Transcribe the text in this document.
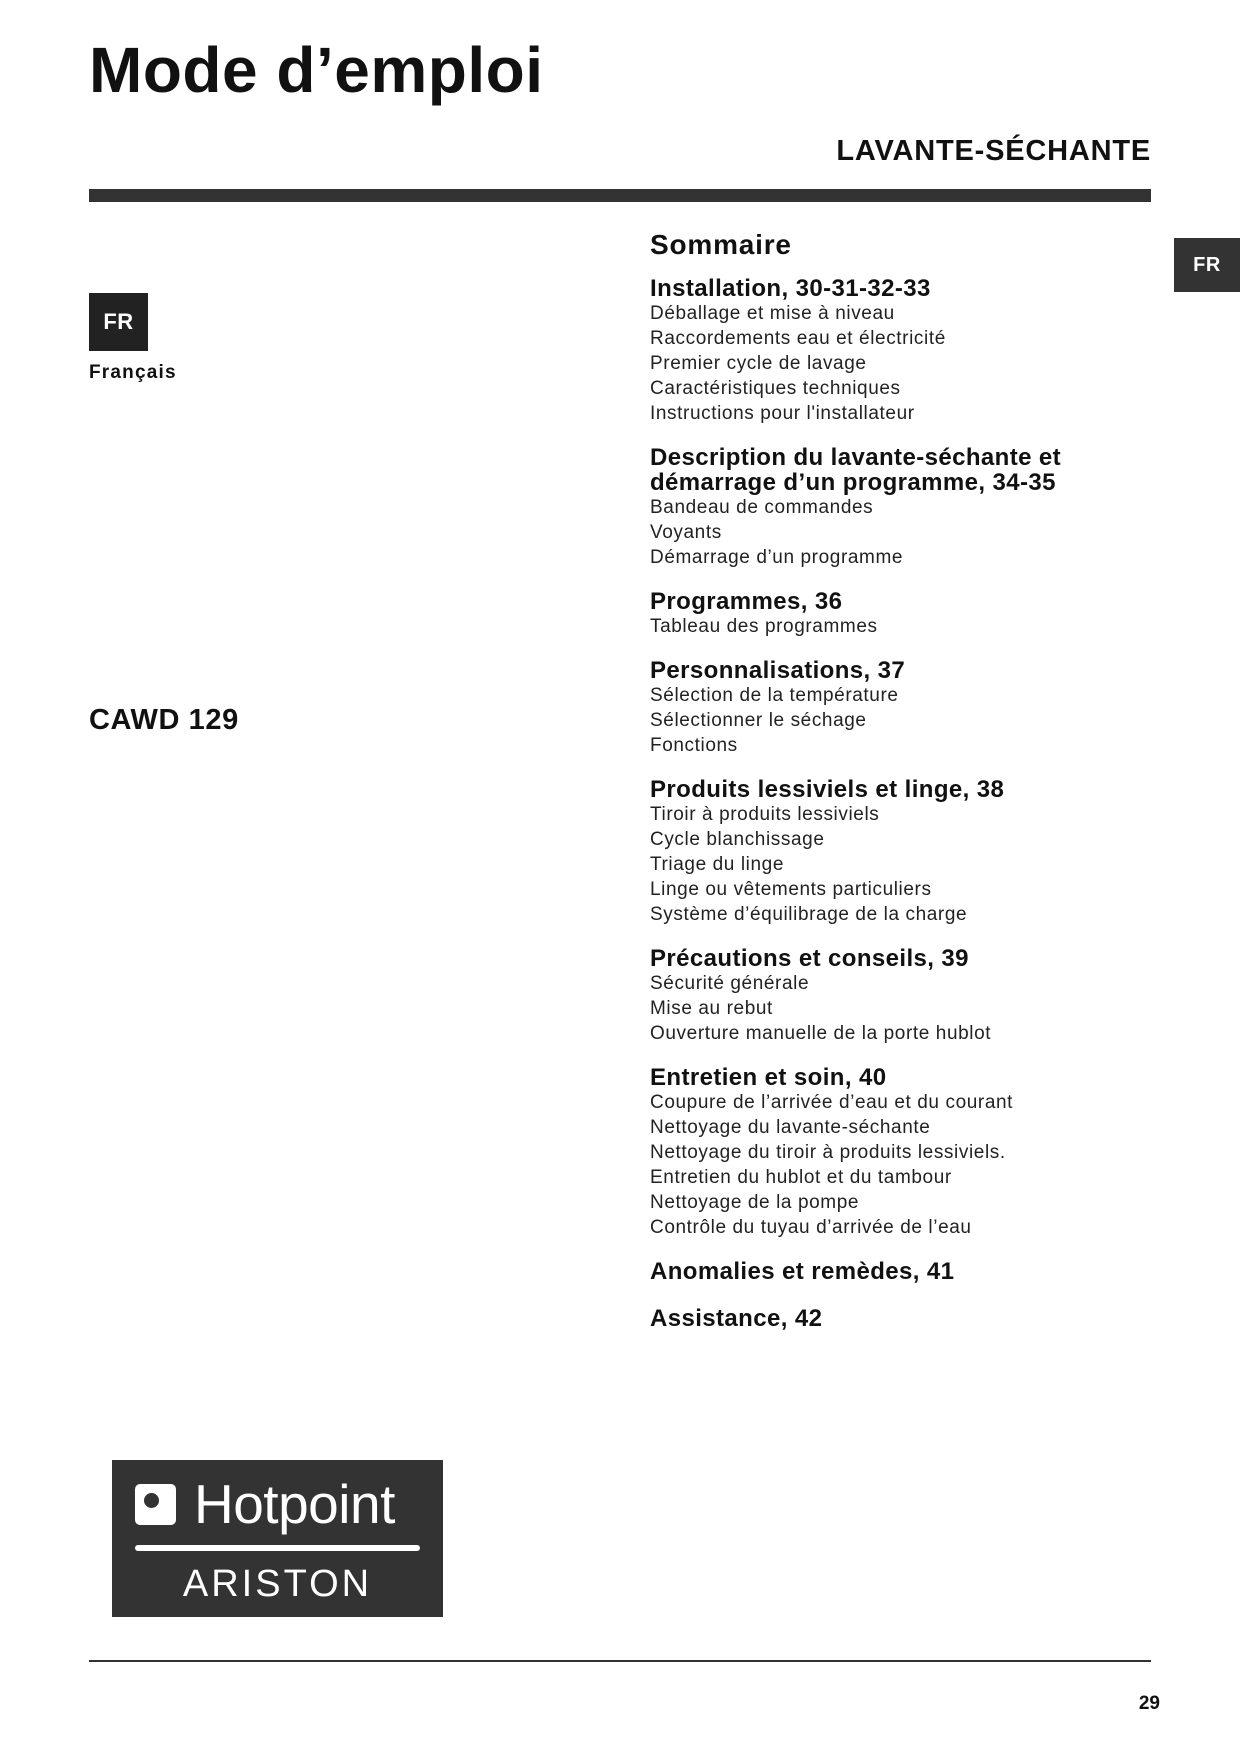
Mode d’emploi
LAVANTE-SÉCHANTE
FR
FR
Français
CAWD 129
Sommaire
Installation, 30-31-32-33
Déballage et mise à niveau
Raccordements eau et électricité
Premier cycle de lavage
Caractéristiques techniques
Instructions pour l'installateur
Description du lavante-séchante et démarrage d’un programme, 34-35
Bandeau de commandes
Voyants
Démarrage d’un programme
Programmes, 36
Tableau des programmes
Personnalisations, 37
Sélection de la température
Sélectionner le séchage
Fonctions
Produits lessiviels et linge, 38
Tiroir à produits lessiviels
Cycle blanchissage
Triage du linge
Linge ou vêtements particuliers
Système d’équilibrage de la charge
Précautions et conseils, 39
Sécurité générale
Mise au rebut
Ouverture manuelle de la porte hublot
Entretien et soin, 40
Coupure de l’arrivée d’eau et du courant
Nettoyage du lavante-séchante
Nettoyage du tiroir à produits lessiviels.
Entretien du hublot et du tambour
Nettoyage de la pompe
Contrôle du tuyau d’arrivée de l’eau
Anomalies et remèdes, 41
Assistance, 42
Hotpoint
ARISTON
29
